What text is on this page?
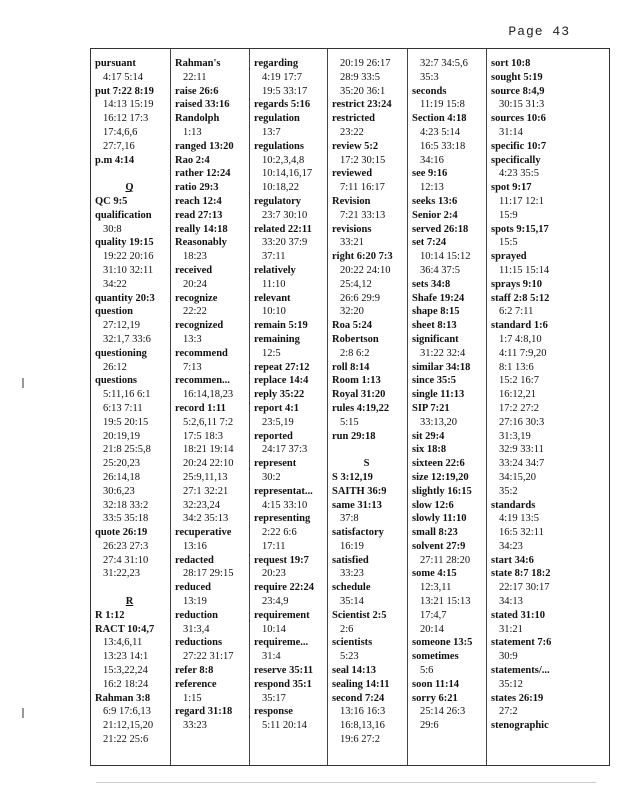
Page 43
pursuant
4:17 5:14
put 7:22 8:19
14:13 15:19
16:12 17:3
17:4,6,6
27:7,16
p.m 4:14
Q
QC 9:5
qualification
30:8
quality 19:15
19:22 20:16
31:10 32:11
34:22
quantity 20:3
question
27:12,19
32:1,7 33:6
questioning
26:12
questions
5:11,16 6:1
6:13 7:11
19:5 20:15
20:19,19
21:8 25:5,8
25:20,23
26:14,18
30:6,23
32:18 33:2
33:5 35:18
quote 26:19
26:23 27:3
27:4 31:10
31:22,23
R
R 1:12
RACT 10:4,7
13:4,6,11
13:23 14:1
15:3,22,24
16:2 18:24
Rahman 3:8
6:9 17:6,13
21:12,15,20
21:22 25:6
Rahman's
22:11
raise 26:6
raised 33:16
Randolph
1:13
ranged 13:20
Rao 2:4
rather 12:24
ratio 29:3
reach 12:4
read 27:13
really 14:18
Reasonably
18:23
received
20:24
recognize
22:22
recognized
13:3
recommend
7:13
recommen...
16:14,18,23
record 1:11
5:2,6,11 7:2
17:5 18:3
18:21 19:14
20:24 22:10
25:9,11,13
27:1 32:21
32:23,24
34:2 35:13
recuperative
13:16
redacted
28:17 29:15
reduced
13:19
reduction
31:3,4
reductions
27:22 31:17
refer 8:8
reference
1:15
regard 31:18
33:23
regarding
4:19 17:7
19:5 33:17
regards 5:16
regulation
13:7
regulations
10:2,3,4,8
10:14,16,17
10:18,22
regulatory
23:7 30:10
related 22:11
33:20 37:9
37:11
relatively
11:10
relevant
10:10
remain 5:19
remaining
12:5
repeat 27:12
replace 14:4
reply 35:22
report 4:1
23:5,19
reported
24:17 37:3
represent
30:2
representat...
4:15 33:10
representing
2:22 6:6
17:11
request 19:7
20:23
require 22:24
23:4,9
requirement
10:14
requireme...
31:4
reserve 35:11
respond 35:1
35:17
response
5:11 20:14
20:19 26:17
28:9 33:5
35:20 36:1
restrict 23:24
restricted
23:22
review 5:2
17:2 30:15
reviewed
7:11 16:17
Revision
7:21 33:13
revisions
33:21
right 6:20 7:3
20:22 24:10
25:4,12
26:6 29:9
32:20
Roa 5:24
Robertson
2:8 6:2
roll 8:14
Room 1:13
Royal 31:20
rules 4:19,22
5:15
run 29:18
S
S 3:12,19
SAITH 36:9
same 31:13
37:8
satisfactory
16:19
satisfied
33:23
schedule
35:14
Scientist 2:5
2:6
scientists
5:23
seal 14:13
sealing 14:11
second 7:24
13:16 16:3
16:8,13,16
19:6 27:2
32:7 34:5,6
35:3
seconds
11:19 15:8
Section 4:18
4:23 5:14
16:5 33:18
34:16
see 9:16
12:13
seeks 13:6
Senior 2:4
served 26:18
set 7:24
10:14 15:12
36:4 37:5
sets 34:8
Shafe 19:24
shape 8:15
sheet 8:13
significant
31:22 32:4
similar 34:18
since 35:5
single 11:13
SIP 7:21
33:13,20
sit 29:4
six 18:8
sixteen 22:6
size 12:19,20
slightly 16:15
slow 12:6
slowly 11:10
small 8:23
solvent 27:9
27:11 28:20
some 4:15
12:3,11
13:21 15:13
17:4,7
20:14
someone 13:5
sometimes
5:6
soon 11:14
sorry 6:21
25:14 26:3
29:6
sort 10:8
sought 5:19
source 8:4,9
30:15 31:3
sources 10:6
31:14
specific 10:7
specifically
4:23 35:5
spot 9:17
11:17 12:1
15:9
spots 9:15,17
15:5
sprayed
11:15 15:14
sprays 9:10
staff 2:8 5:12
6:2 7:11
standard 1:6
1:7 4:8,10
4:11 7:9,20
8:1 13:6
15:2 16:7
16:12,21
17:2 27:2
27:16 30:3
31:3,19
32:9 33:11
33:24 34:7
34:15,20
35:2
standards
4:19 13:5
16:5 32:11
34:23
start 34:6
state 8:7 18:2
22:17 30:17
34:13
stated 31:10
31:21
statement 7:6
30:9
statements/...
35:12
states 26:19
27:2
stenographic
